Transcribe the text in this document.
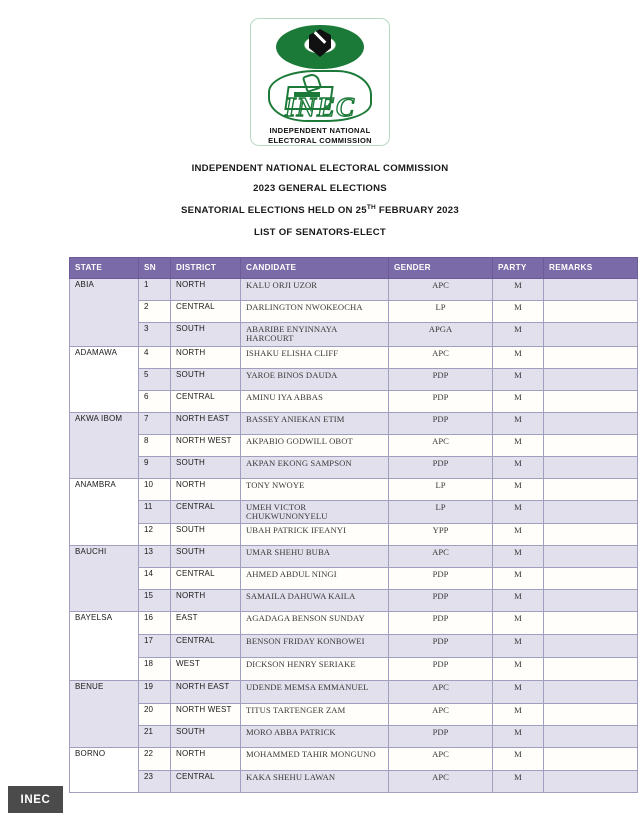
INEC
INDEPENDENT NATIONAL
ELECTORAL COMMISSION
INDEPENDENT NATIONAL ELECTORAL COMMISSION
2023 GENERAL ELECTIONS
SENATORIAL ELECTIONS HELD ON 25TH FEBRUARY 2023
LIST OF SENATORS-ELECT
STATE	SN	DISTRICT	CANDIDATE	GENDER	PARTY	REMARKS
ABIA	1	NORTH	KALU ORJI UZOR	APC	M	
	2	CENTRAL	DARLINGTON NWOKEOCHA	LP	M	
	3	SOUTH	ABARIBE ENYINNAYA HARCOURT	APGA	M	
ADAMAWA	4	NORTH	ISHAKU ELISHA CLIFF	APC	M	
	5	SOUTH	YAROE BINOS DAUDA	PDP	M	
	6	CENTRAL	AMINU IYA ABBAS	PDP	M	
AKWA IBOM	7	NORTH EAST	BASSEY ANIEKAN ETIM	PDP	M	
	8	NORTH WEST	AKPABIO GODWILL OBOT	APC	M	
	9	SOUTH	AKPAN EKONG SAMPSON	PDP	M	
ANAMBRA	10	NORTH	TONY NWOYE	LP	M	
	11	CENTRAL	UMEH VICTOR CHUKWUNONYELU	LP	M	
	12	SOUTH	UBAH PATRICK IFEANYI	YPP	M	
BAUCHI	13	SOUTH	UMAR SHEHU BUBA	APC	M	
	14	CENTRAL	AHMED ABDUL NINGI	PDP	M	
	15	NORTH	SAMAILA DAHUWA KAILA	PDP	M	
BAYELSA	16	EAST	AGADAGA BENSON SUNDAY	PDP	M	
	17	CENTRAL	BENSON FRIDAY KONBOWEI	PDP	M	
	18	WEST	DICKSON HENRY SERIAKE	PDP	M	
BENUE	19	NORTH EAST	UDENDE MEMSA EMMANUEL	APC	M	
	20	NORTH WEST	TITUS TARTENGER ZAM	APC	M	
	21	SOUTH	MORO ABBA PATRICK	PDP	M	
BORNO	22	NORTH	MOHAMMED TAHIR MONGUNO	APC	M	
	23	CENTRAL	KAKA SHEHU LAWAN	APC	M	
INEC
